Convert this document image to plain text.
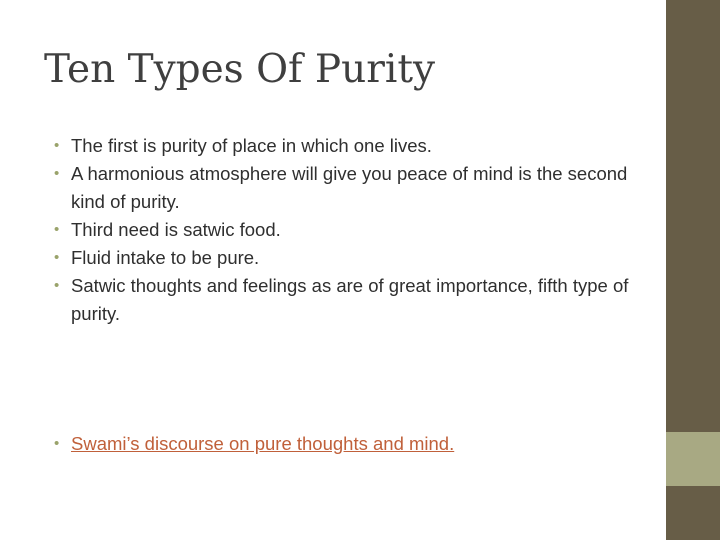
Ten Types Of Purity
• The first is purity of place in which one lives.
• A harmonious atmosphere will give you peace of mind is the second kind of purity.
• Third need is satwic food.
• Fluid intake to be pure.
• Satwic thoughts and feelings as are of great importance, fifth type of purity.
• Swami’s discourse on pure thoughts and mind.
